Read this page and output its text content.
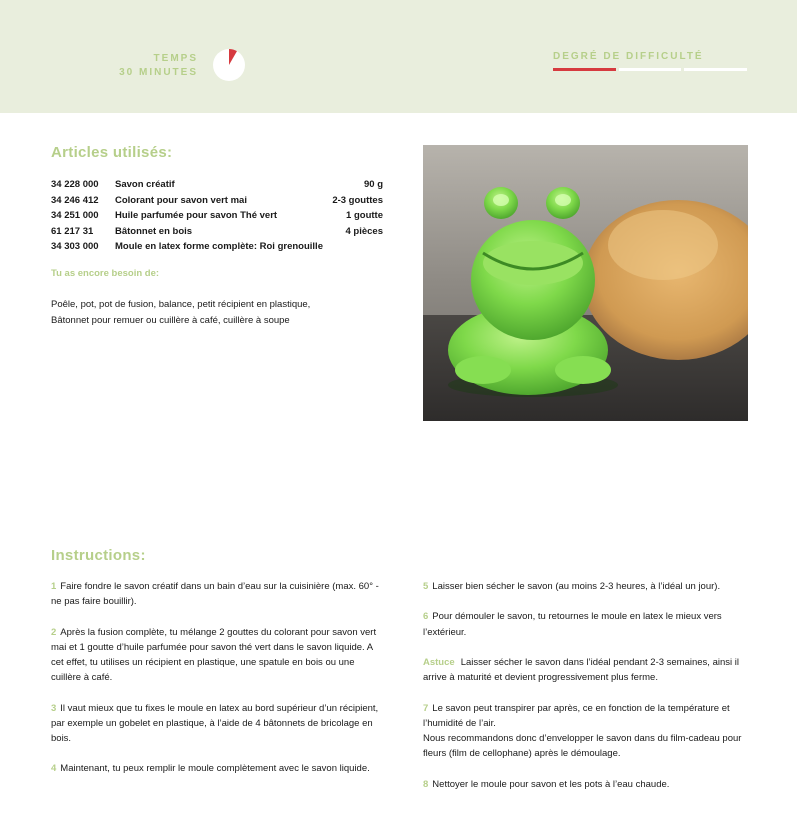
TEMPS
30 MINUTES
DEGRÉ DE DIFFICULTÉ
Articles utilisés:
34 228 000	Savon créatif	90 g
34 246 412	Colorant pour savon vert mai	2-3 gouttes
34 251 000	Huile parfumée pour savon Thé vert	1 goutte
61 217 31	Bâtonnet en bois	4 pièces
34 303 000	Moule en latex forme complète: Roi grenouille	
Tu as encore besoin de:
Poêle, pot, pot de fusion, balance, petit récipient en plastique,
Bâtonnet pour remuer ou cuillère à café, cuillère à soupe
Instructions:
1 Faire fondre le savon créatif dans un bain d’eau sur la cuisinière (max. 60° - ne pas faire bouillir).
2 Après la fusion complète, tu mélange 2 gouttes du colorant pour savon vert mai et 1 goutte d’huile parfumée pour savon thé vert dans le savon liquide. A cet effet, tu utilises un récipient en plastique, une spatule en bois ou une cuillère à café.
3 Il vaut mieux que tu fixes le moule en latex au bord supérieur d’un récipient, par exemple un gobelet en plastique, à l’aide de 4 bâtonnets de bricolage en bois.
4 Maintenant, tu peux remplir le moule complètement avec le savon liquide.
5 Laisser bien sécher le savon (au moins 2-3 heures, à l’idéal un jour).
6 Pour démouler le savon, tu retournes le moule en latex le mieux vers l’extérieur.
Astuce Laisser sécher le savon dans l’idéal pendant 2-3 semaines, ainsi il arrive à maturité et devient progressivement plus ferme.
7 Le savon peut transpirer par après, ce en fonction de la température et l’humidité de l’air.
Nous recommandons donc d’envelopper le savon dans du film-cadeau pour fleurs (film de cellophane) après le démoulage.
8 Nettoyer le moule pour savon et les pots à l’eau chaude.
